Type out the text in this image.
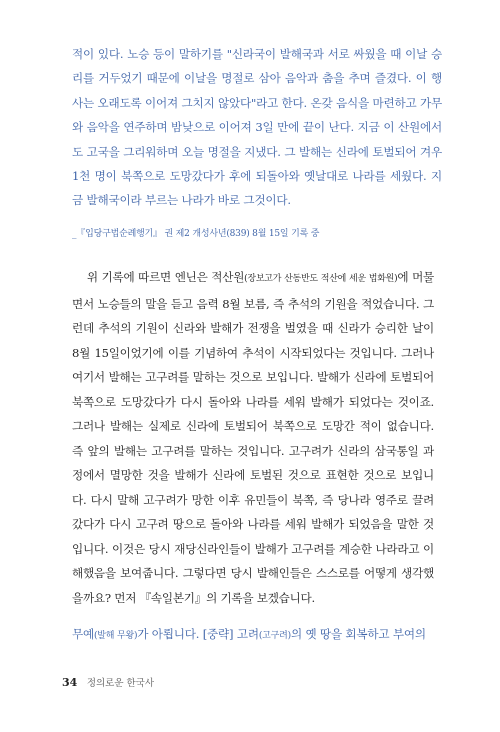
적이 있다. 노승 등이 말하기를 "신라국이 발해국과 서로 싸웠을 때 이날 승리를 거두었기 때문에 이날을 명절로 삼아 음악과 춤을 추며 즐겼다. 이 행사는 오래도록 이어져 그치지 않았다"라고 한다. 온갖 음식을 마련하고 가무와 음악을 연주하며 밤낮으로 이어져 3일 만에 끝이 난다. 지금 이 산원에서도 고국을 그리워하며 오늘 명절을 지냈다. 그 발해는 신라에 토벌되어 겨우 1천 명이 북쪽으로 도망갔다가 후에 되돌아와 옛날대로 나라를 세웠다. 지금 발해국이라 부르는 나라가 바로 그것이다.
_『입당구법순례행기』 권 제2 개성사년(839) 8월 15일 기록 중
위 기록에 따르면 엔닌은 적산원(장보고가 산동반도 적산에 세운 법화원)에 머물면서 노승들의 말을 듣고 음력 8월 보름, 즉 추석의 기원을 적었습니다. 그런데 추석의 기원이 신라와 발해가 전쟁을 벌였을 때 신라가 승리한 날이 8월 15일이었기에 이를 기념하여 추석이 시작되었다는 것입니다. 그러나 여기서 발해는 고구려를 말하는 것으로 보입니다. 발해가 신라에 토벌되어 북쪽으로 도망갔다가 다시 돌아와 나라를 세워 발해가 되었다는 것이죠. 그러나 발해는 실제로 신라에 토벌되어 북쪽으로 도망간 적이 없습니다. 즉 앞의 발해는 고구려를 말하는 것입니다. 고구려가 신라의 삼국통일 과정에서 멸망한 것을 발해가 신라에 토벌된 것으로 표현한 것으로 보입니다. 다시 말해 고구려가 망한 이후 유민들이 북쪽, 즉 당나라 영주로 끌려갔다가 다시 고구려 땅으로 돌아와 나라를 세워 발해가 되었음을 말한 것입니다. 이것은 당시 재당신라인들이 발해가 고구려를 계승한 나라라고 이해했음을 보여줍니다. 그렇다면 당시 발해인들은 스스로를 어떻게 생각했을까요? 먼저 『속일본기』의 기록을 보겠습니다.
무예(발해 무왕)가 아룁니다. [중략] 고려(고구려)의 옛 땅을 회복하고 부여의
34 정의로운 한국사
